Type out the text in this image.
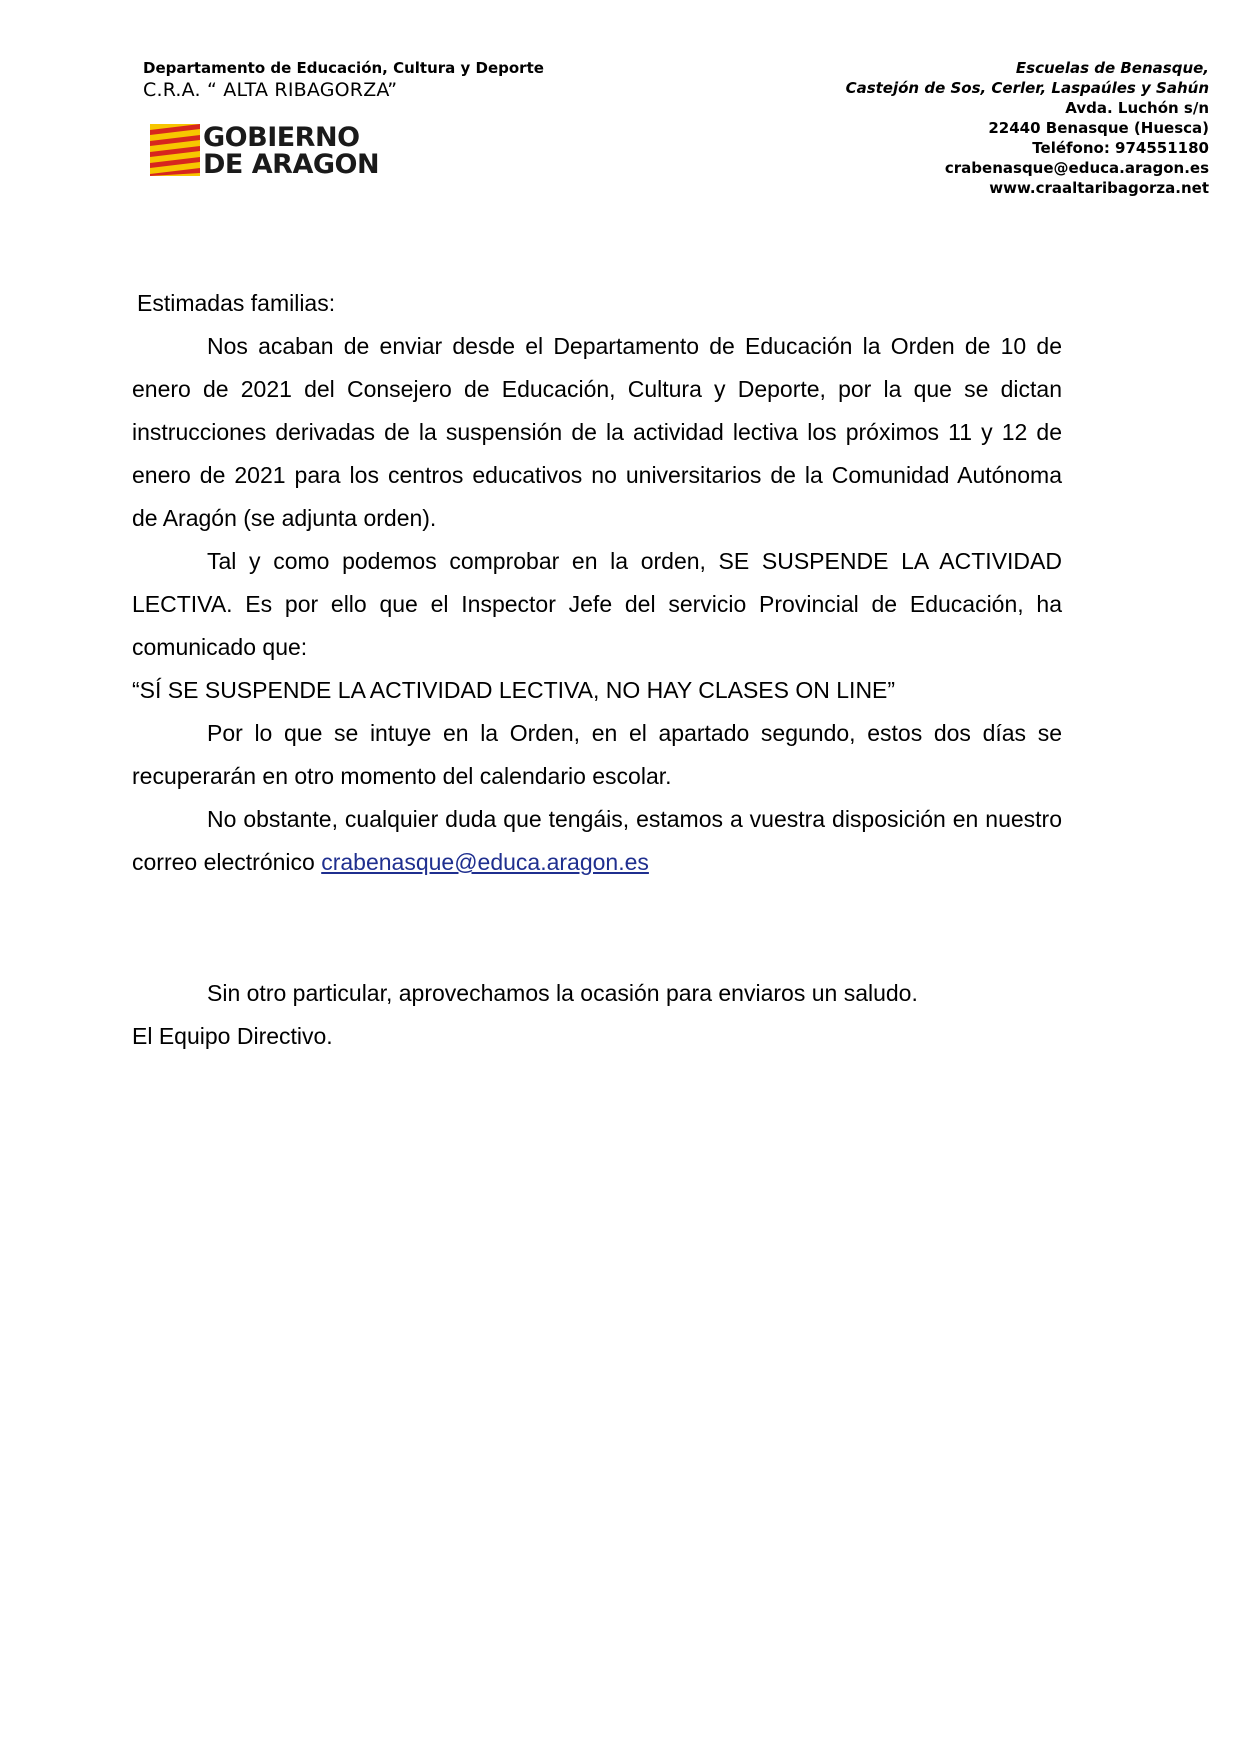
Departamento de Educación, Cultura y Deporte
C.R.A. “ ALTA RIBAGORZA”
GOBIERNO
DE ARAGON
Escuelas de Benasque,
Castejón de Sos, Cerler, Laspaúles y Sahún
Avda. Luchón s/n
22440 Benasque (Huesca)
Teléfono: 974551180
crabenasque@educa.aragon.es
www.craaltaribagorza.net

Estimadas familias:

Nos acaban de enviar desde el Departamento de Educación la Orden de 10 de enero de 2021 del Consejero de Educación, Cultura y Deporte, por la que se dictan instrucciones derivadas de la suspensión de la actividad lectiva los próximos 11 y 12 de enero de 2021 para los centros educativos no universitarios de la Comunidad Autónoma de Aragón (se adjunta orden).

Tal y como podemos comprobar en la orden, SE SUSPENDE LA ACTIVIDAD LECTIVA. Es por ello que el Inspector Jefe del servicio Provincial de Educación, ha comunicado que:

“SÍ SE SUSPENDE LA ACTIVIDAD LECTIVA, NO HAY CLASES ON LINE”

Por lo que se intuye en la Orden, en el apartado segundo, estos dos días se recuperarán en otro momento del calendario escolar.

No obstante, cualquier duda que tengáis, estamos a vuestra disposición en nuestro correo electrónico crabenasque@educa.aragon.es

Sin otro particular, aprovechamos la ocasión para enviaros un saludo.

El Equipo Directivo.
